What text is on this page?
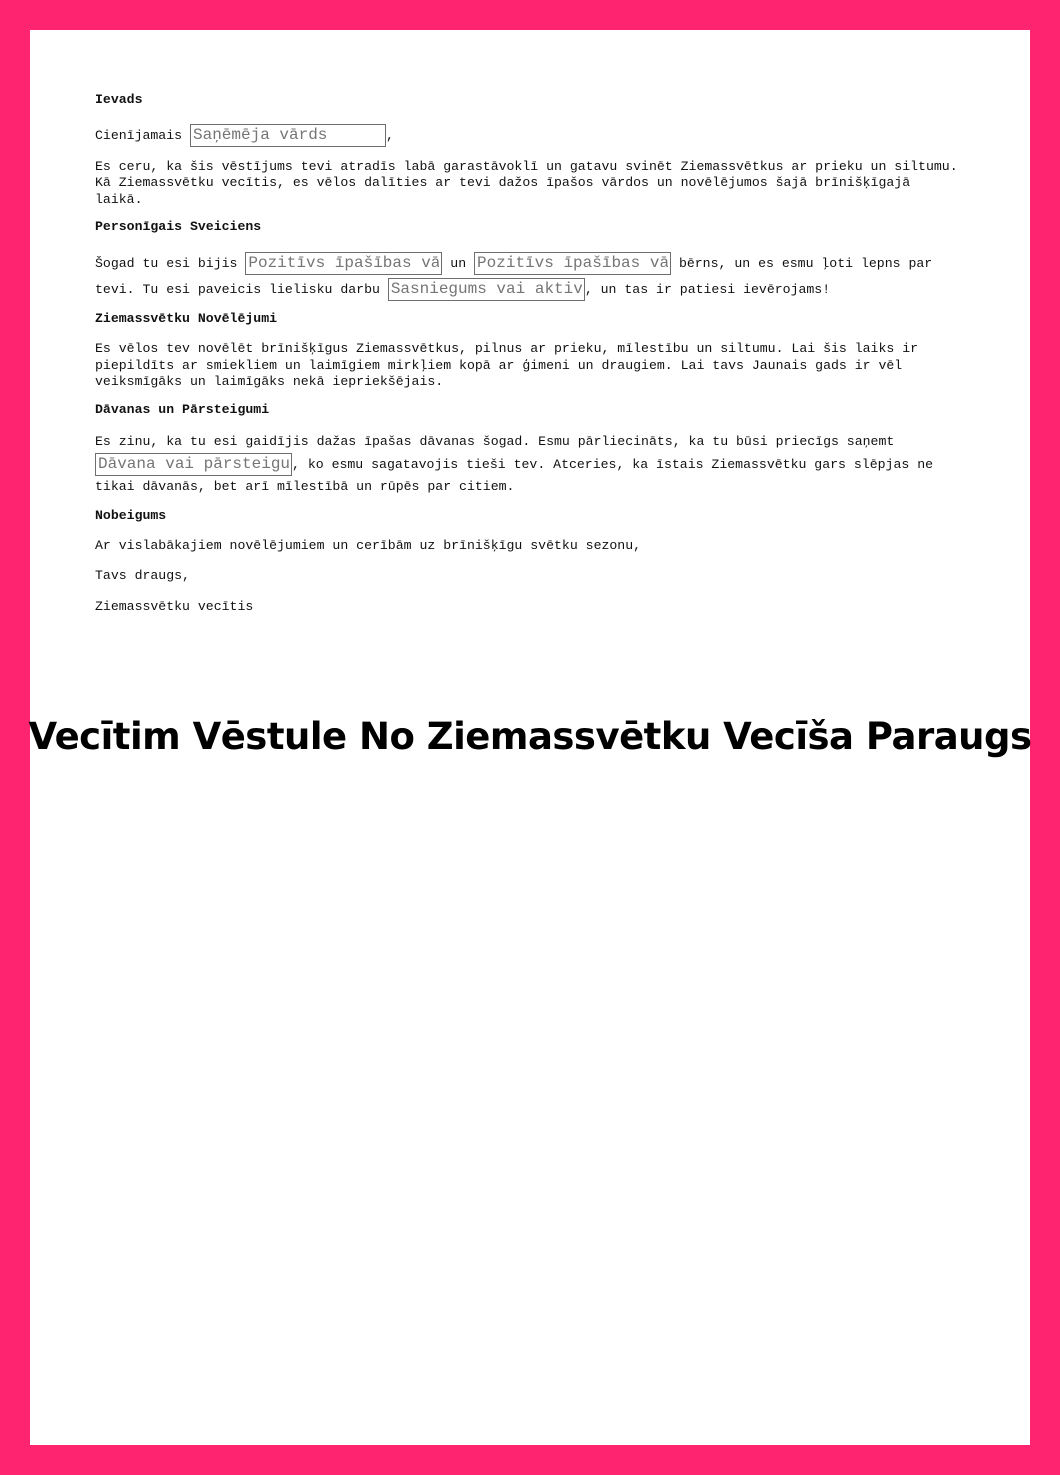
Ievads
Cienījamais Saņēmēja vārds	,
Es ceru, ka šis vēstījums tevi atradīs labā garastāvoklī un gatavu svinēt Ziemassvētkus ar prieku un siltumu. Kā Ziemassvētku vecītis, es vēlos dalīties ar tevi dažos īpašos vārdos un novēlējumos šajā brīnišķīgajā laikā.
Personīgais Sveiciens
Šogad tu esi bijis Pozitīvs īpašības vārds	un Pozitīvs īpašības vārds	bērns, un es esmu ļoti lepns par tevi. Tu esi paveicis lielisku darbu Sasniegums vai aktivitāte	, un tas ir patiesi ievērojams!
Ziemassvētku Novēlējumi
Es vēlos tev novēlēt brīnišķīgus Ziemassvētkus, pilnus ar prieku, mīlestību un siltumu. Lai šis laiks ir piepildīts ar smiekliem un laimīgiem mirkļiem kopā ar ģimeni un draugiem. Lai tavs Jaunais gads ir vēl veiksmīgāks un laimīgāks nekā iepriekšējais.
Dāvanas un Pārsteigumi
Es zinu, ka tu esi gaidījis dažas īpašas dāvanas šogad. Esmu pārliecināts, ka tu būsi priecīgs saņemt Dāvana vai pārsteigums, ko esmu sagatavojis tieši tev. Atceries, ka īstais Ziemassvētku gars slēpjas ne tikai dāvanās, bet arī mīlestībā un rūpēs par citiem.
Nobeigums
Ar vislabākajiem novēlējumiem un cerībām uz brīnišķīgu svētku sezonu,
Tavs draugs,
Ziemassvētku vecītis
Vecītim Vēstule No Ziemassvētku Vecīša Paraugs
